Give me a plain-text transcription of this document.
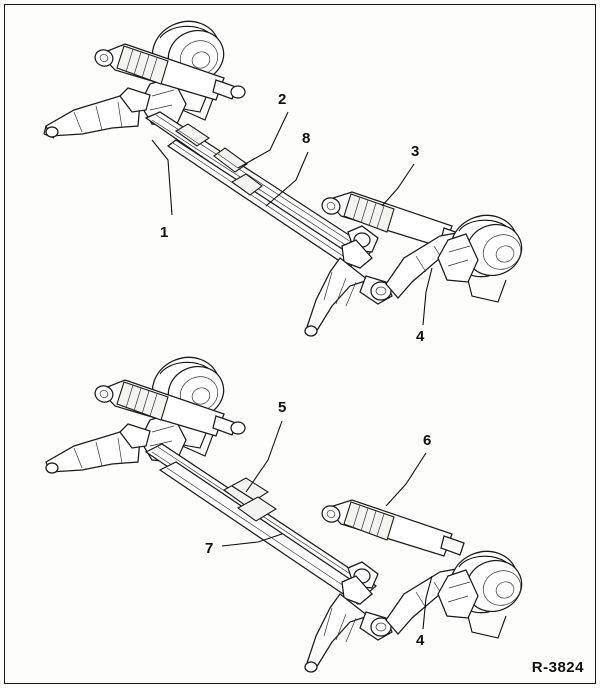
1
2
8
3
4
5
6
7
4
R-3824
